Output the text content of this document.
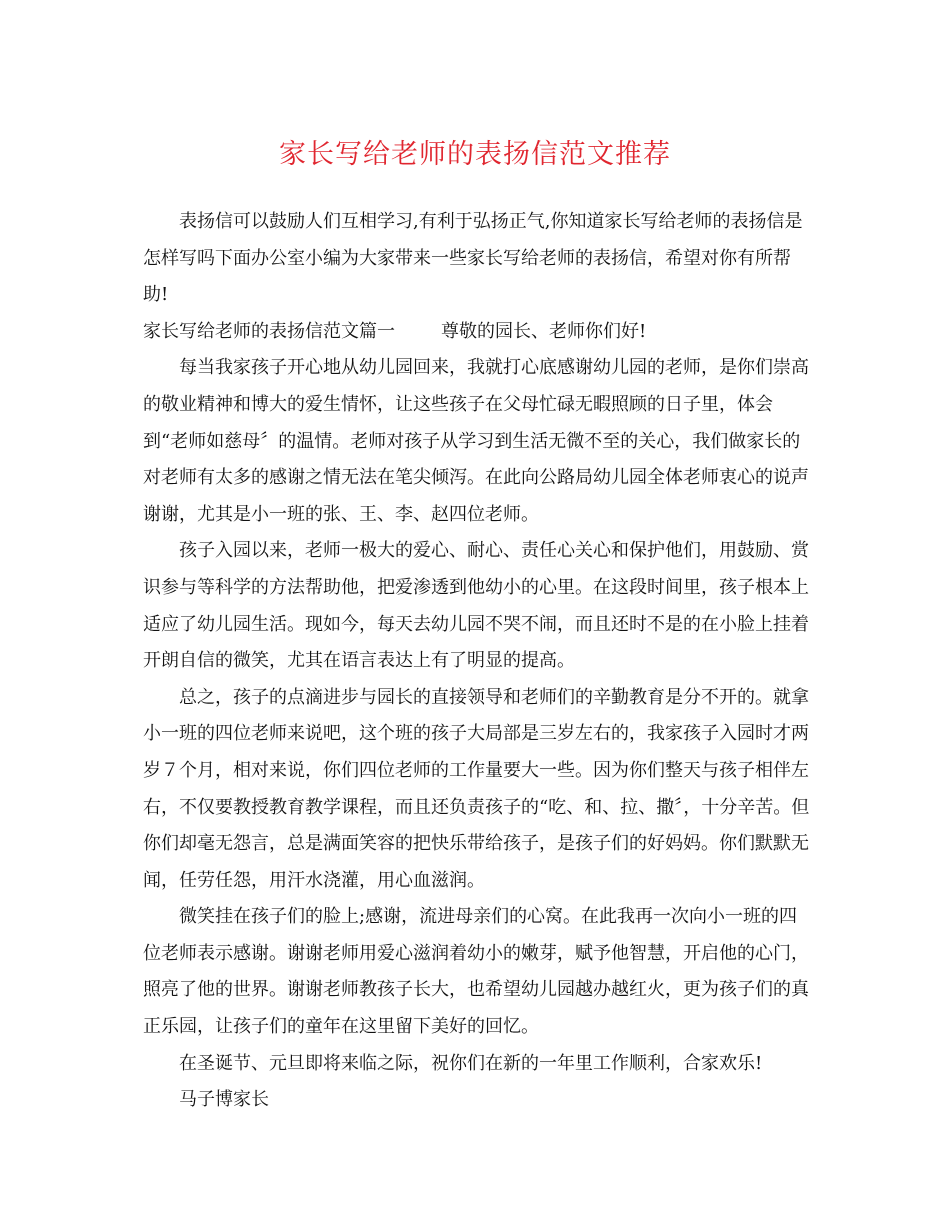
家长写给老师的表扬信范文推荐

表扬信可以鼓励人们互相学习,有利于弘扬正气,你知道家长写给老师的表扬信是怎样写吗下面办公室小编为大家带来一些家长写给老师的表扬信，希望对你有所帮助!

家长写给老师的表扬信范文篇一	尊敬的园长、老师你们好!

每当我家孩子开心地从幼儿园回来，我就打心底感谢幼儿园的老师，是你们崇高的敬业精神和博大的爱生情怀，让这些孩子在父母忙碌无暇照顾的日子里，体会到“老师如慈母〞的温情。老师对孩子从学习到生活无微不至的关心，我们做家长的对老师有太多的感谢之情无法在笔尖倾泻。在此向公路局幼儿园全体老师衷心的说声谢谢，尤其是小一班的张、王、李、赵四位老师。

孩子入园以来，老师一极大的爱心、耐心、责任心关心和保护他们，用鼓励、赏识参与等科学的方法帮助他，把爱渗透到他幼小的心里。在这段时间里，孩子根本上适应了幼儿园生活。现如今，每天去幼儿园不哭不闹，而且还时不是的在小脸上挂着开朗自信的微笑，尤其在语言表达上有了明显的提高。

总之，孩子的点滴进步与园长的直接领导和老师们的辛勤教育是分不开的。就拿小一班的四位老师来说吧，这个班的孩子大局部是三岁左右的，我家孩子入园时才两岁７个月，相对来说，你们四位老师的工作量要大一些。因为你们整天与孩子相伴左右，不仅要教授教育教学课程，而且还负责孩子的“吃、和、拉、撒〞，十分辛苦。但你们却毫无怨言，总是满面笑容的把快乐带给孩子，是孩子们的好妈妈。你们默默无闻，任劳任怨，用汗水浇灌，用心血滋润。

微笑挂在孩子们的脸上;感谢，流进母亲们的心窝。在此我再一次向小一班的四位老师表示感谢。谢谢老师用爱心滋润着幼小的嫩芽，赋予他智慧，开启他的心门，照亮了他的世界。谢谢老师教孩子长大，也希望幼儿园越办越红火，更为孩子们的真正乐园，让孩子们的童年在这里留下美好的回忆。

在圣诞节、元旦即将来临之际，祝你们在新的一年里工作顺利，合家欢乐!

马子博家长
